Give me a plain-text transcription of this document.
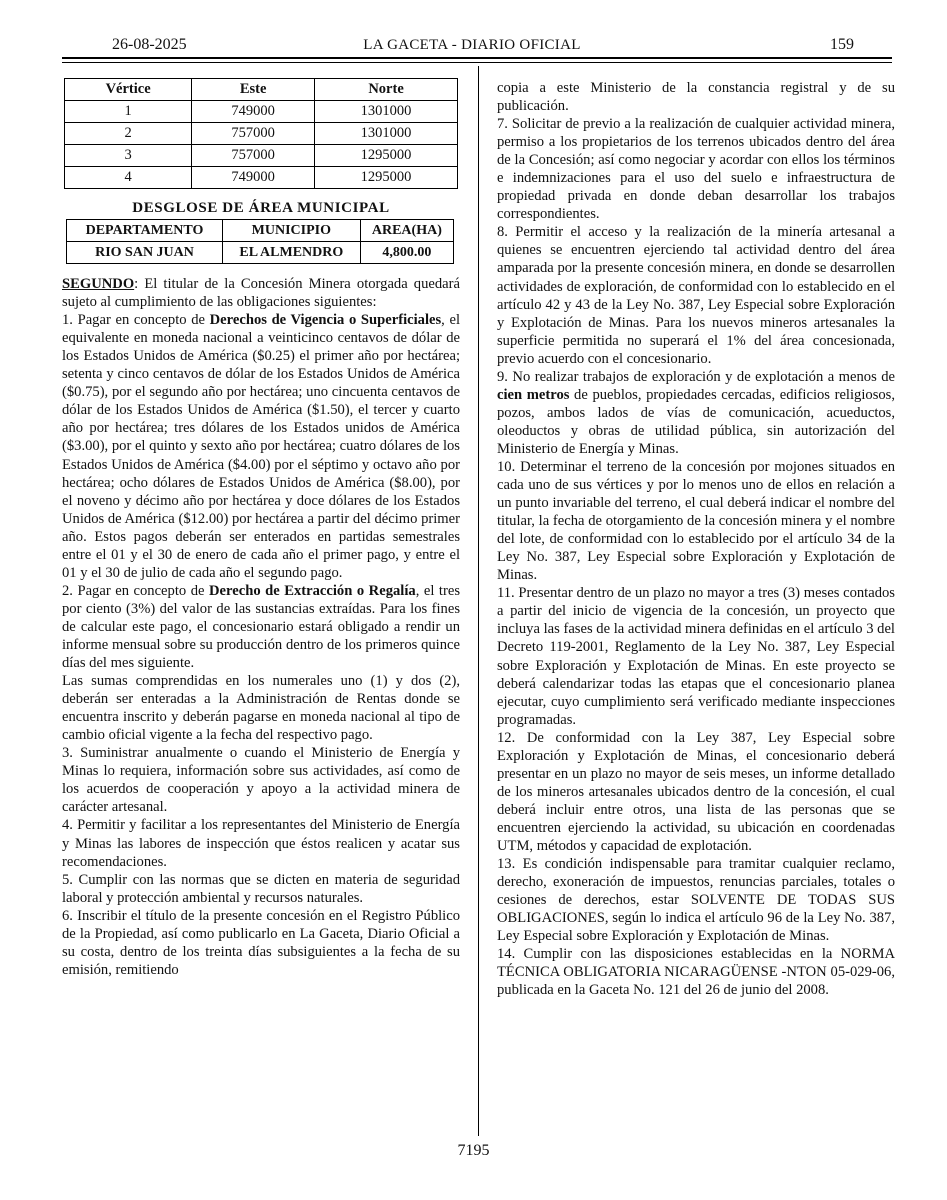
26-08-2025	LA GACETA - DIARIO OFICIAL	159
Vértice	Este	Norte
1	749000	1301000
2	757000	1301000
3	757000	1295000
4	749000	1295000
DESGLOSE DE ÁREA MUNICIPAL
DEPARTAMENTO	MUNICIPIO	AREA(HA)
RIO SAN JUAN	EL ALMENDRO	4,800.00

SEGUNDO: El titular de la Concesión Minera otorgada quedará sujeto al cumplimiento de las obligaciones siguientes:

1. Pagar en concepto de Derechos de Vigencia o Superficiales, el equivalente en moneda nacional a veinticinco centavos de dólar de los Estados Unidos de América ($0.25) el primer año por hectárea; setenta y cinco centavos de dólar de los Estados Unidos de América ($0.75), por el segundo año por hectárea; uno cincuenta centavos de dólar de los Estados Unidos de América ($1.50), el tercer y cuarto año por hectárea; tres dólares de los Estados unidos de América ($3.00), por el quinto y sexto año por hectárea; cuatro dólares de los Estados Unidos de América ($4.00) por el séptimo y octavo año por hectárea; ocho dólares de Estados Unidos de América ($8.00), por el noveno y décimo año por hectárea y doce dólares de los Estados Unidos de América ($12.00) por hectárea a partir del décimo primer año. Estos pagos deberán ser enterados en partidas semestrales entre el 01 y el 30 de enero de cada año el primer pago, y entre el 01 y el 30 de julio de cada año el segundo pago.

2. Pagar en concepto de Derecho de Extracción o Regalía, el tres por ciento (3%) del valor de las sustancias extraídas. Para los fines de calcular este pago, el concesionario estará obligado a rendir un informe mensual sobre su producción dentro de los primeros quince días del mes siguiente.

Las sumas comprendidas en los numerales uno (1) y dos (2), deberán ser enteradas a la Administración de Rentas donde se encuentra inscrito y deberán pagarse en moneda nacional al tipo de cambio oficial vigente a la fecha del respectivo pago.

3. Suministrar anualmente o cuando el Ministerio de Energía y Minas lo requiera, información sobre sus actividades, así como de los acuerdos de cooperación y apoyo a la actividad minera de carácter artesanal.

4. Permitir y facilitar a los representantes del Ministerio de Energía y Minas las labores de inspección que éstos realicen y acatar sus recomendaciones.

5. Cumplir con las normas que se dicten en materia de seguridad laboral y protección ambiental y recursos naturales.

6. Inscribir el título de la presente concesión en el Registro Público de la Propiedad, así como publicarlo en La Gaceta, Diario Oficial a su costa, dentro de los treinta días subsiguientes a la fecha de su emisión, remitiendo

copia a este Ministerio de la constancia registral y de su publicación.

7. Solicitar de previo a la realización de cualquier actividad minera, permiso a los propietarios de los terrenos ubicados dentro del área de la Concesión; así como negociar y acordar con ellos los términos e indemnizaciones para el uso del suelo e infraestructura de propiedad privada en donde deban desarrollar los trabajos correspondientes.

8. Permitir el acceso y la realización de la minería artesanal a quienes se encuentren ejerciendo tal actividad dentro del área amparada por la presente concesión minera, en donde se desarrollen actividades de exploración, de conformidad con lo establecido en el artículo 42 y 43 de la Ley No. 387, Ley Especial sobre Exploración y Explotación de Minas. Para los nuevos mineros artesanales la superficie permitida no superará el 1% del área concesionada, previo acuerdo con el concesionario.

9. No realizar trabajos de exploración y de explotación a menos de cien metros de pueblos, propiedades cercadas, edificios religiosos, pozos, ambos lados de vías de comunicación, acueductos, oleoductos y obras de utilidad pública, sin autorización del Ministerio de Energía y Minas.

10. Determinar el terreno de la concesión por mojones situados en cada uno de sus vértices y por lo menos uno de ellos en relación a un punto invariable del terreno, el cual deberá indicar el nombre del titular, la fecha de otorgamiento de la concesión minera y el nombre del lote, de conformidad con lo establecido por el artículo 34 de la Ley No. 387, Ley Especial sobre Exploración y Explotación de Minas.

11. Presentar dentro de un plazo no mayor a tres (3) meses contados a partir del inicio de vigencia de la concesión, un proyecto que incluya las fases de la actividad minera definidas en el artículo 3 del Decreto 119-2001, Reglamento de la Ley No. 387, Ley Especial sobre Exploración y Explotación de Minas. En este proyecto se deberá calendarizar todas las etapas que el concesionario planea ejecutar, cuyo cumplimiento será verificado mediante inspecciones programadas.

12. De conformidad con la Ley 387, Ley Especial sobre Exploración y Explotación de Minas, el concesionario deberá presentar en un plazo no mayor de seis meses, un informe detallado de los mineros artesanales ubicados dentro de la concesión, el cual deberá incluir entre otros, una lista de las personas que se encuentren ejerciendo la actividad, su ubicación en coordenadas UTM, métodos y capacidad de explotación.

13. Es condición indispensable para tramitar cualquier reclamo, derecho, exoneración de impuestos, renuncias parciales, totales o cesiones de derechos, estar SOLVENTE DE TODAS SUS OBLIGACIONES, según lo indica el artículo 96 de la Ley No. 387, Ley Especial sobre Exploración y Explotación de Minas.

14. Cumplir con las disposiciones establecidas en la NORMA TÉCNICA OBLIGATORIA NICARAGÜENSE -NTON 05-029-06, publicada en la Gaceta No. 121 del 26 de junio del 2008.

7195
